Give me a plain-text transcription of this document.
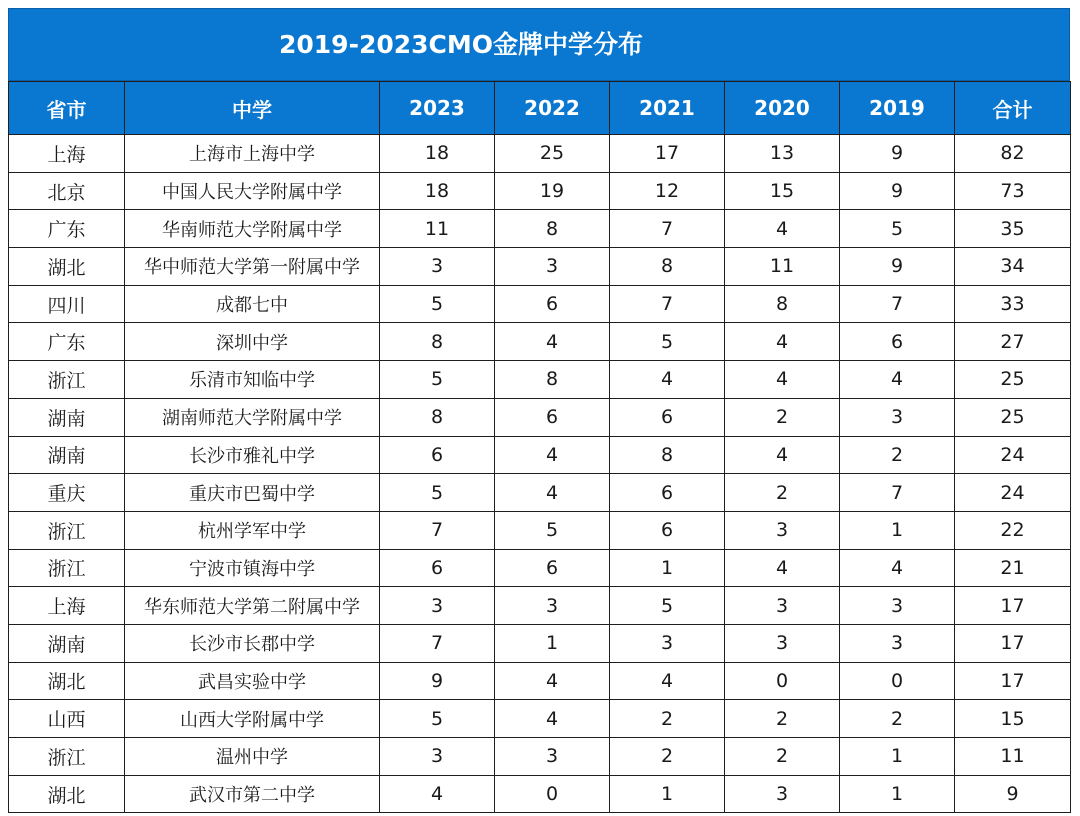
2019-2023CMO金牌中学分布
省市	中学	2023	2022	2021	2020	2019	合计
上海	上海市上海中学	18	25	17	13	9	82
北京	中国人民大学附属中学	18	19	12	15	9	73
广东	华南师范大学附属中学	11	8	7	4	5	35
湖北	华中师范大学第一附属中学	3	3	8	11	9	34
四川	成都七中	5	6	7	8	7	33
广东	深圳中学	8	4	5	4	6	27
浙江	乐清市知临中学	5	8	4	4	4	25
湖南	湖南师范大学附属中学	8	6	6	2	3	25
湖南	长沙市雅礼中学	6	4	8	4	2	24
重庆	重庆市巴蜀中学	5	4	6	2	7	24
浙江	杭州学军中学	7	5	6	3	1	22
浙江	宁波市镇海中学	6	6	1	4	4	21
上海	华东师范大学第二附属中学	3	3	5	3	3	17
湖南	长沙市长郡中学	7	1	3	3	3	17
湖北	武昌实验中学	9	4	4	0	0	17
山西	山西大学附属中学	5	4	2	2	2	15
浙江	温州中学	3	3	2	2	1	11
湖北	武汉市第二中学	4	0	1	3	1	9
